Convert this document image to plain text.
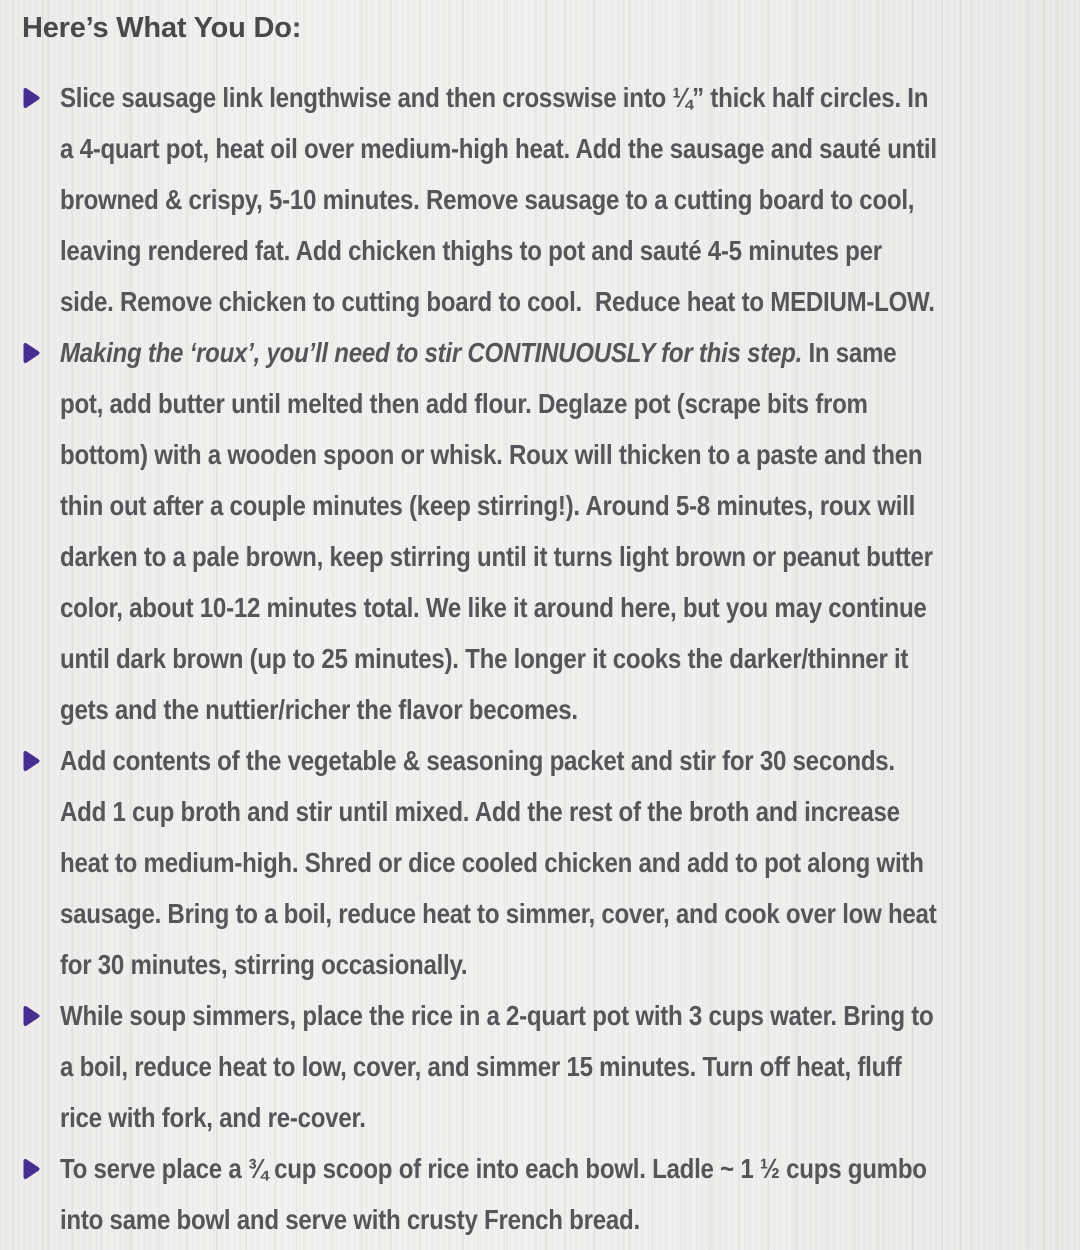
Here’s What You Do:

Slice sausage link lengthwise and then crosswise into ¼” thick half circles. In a 4-quart pot, heat oil over medium-high heat. Add the sausage and sauté until browned & crispy, 5-10 minutes. Remove sausage to a cutting board to cool, leaving rendered fat. Add chicken thighs to pot and sauté 4-5 minutes per side. Remove chicken to cutting board to cool.  Reduce heat to MEDIUM-LOW.

Making the ‘roux’, you’ll need to stir CONTINUOUSLY for this step. In same pot, add butter until melted then add flour. Deglaze pot (scrape bits from bottom) with a wooden spoon or whisk. Roux will thicken to a paste and then thin out after a couple minutes (keep stirring!). Around 5-8 minutes, roux will darken to a pale brown, keep stirring until it turns light brown or peanut butter color, about 10-12 minutes total. We like it around here, but you may continue until dark brown (up to 25 minutes). The longer it cooks the darker/thinner it gets and the nuttier/richer the flavor becomes.

Add contents of the vegetable & seasoning packet and stir for 30 seconds. Add 1 cup broth and stir until mixed. Add the rest of the broth and increase heat to medium-high. Shred or dice cooled chicken and add to pot along with sausage. Bring to a boil, reduce heat to simmer, cover, and cook over low heat for 30 minutes, stirring occasionally.

While soup simmers, place the rice in a 2-quart pot with 3 cups water. Bring to a boil, reduce heat to low, cover, and simmer 15 minutes. Turn off heat, fluff rice with fork, and re-cover.

To serve place a ¾ cup scoop of rice into each bowl. Ladle ~ 1 ½ cups gumbo into same bowl and serve with crusty French bread.
